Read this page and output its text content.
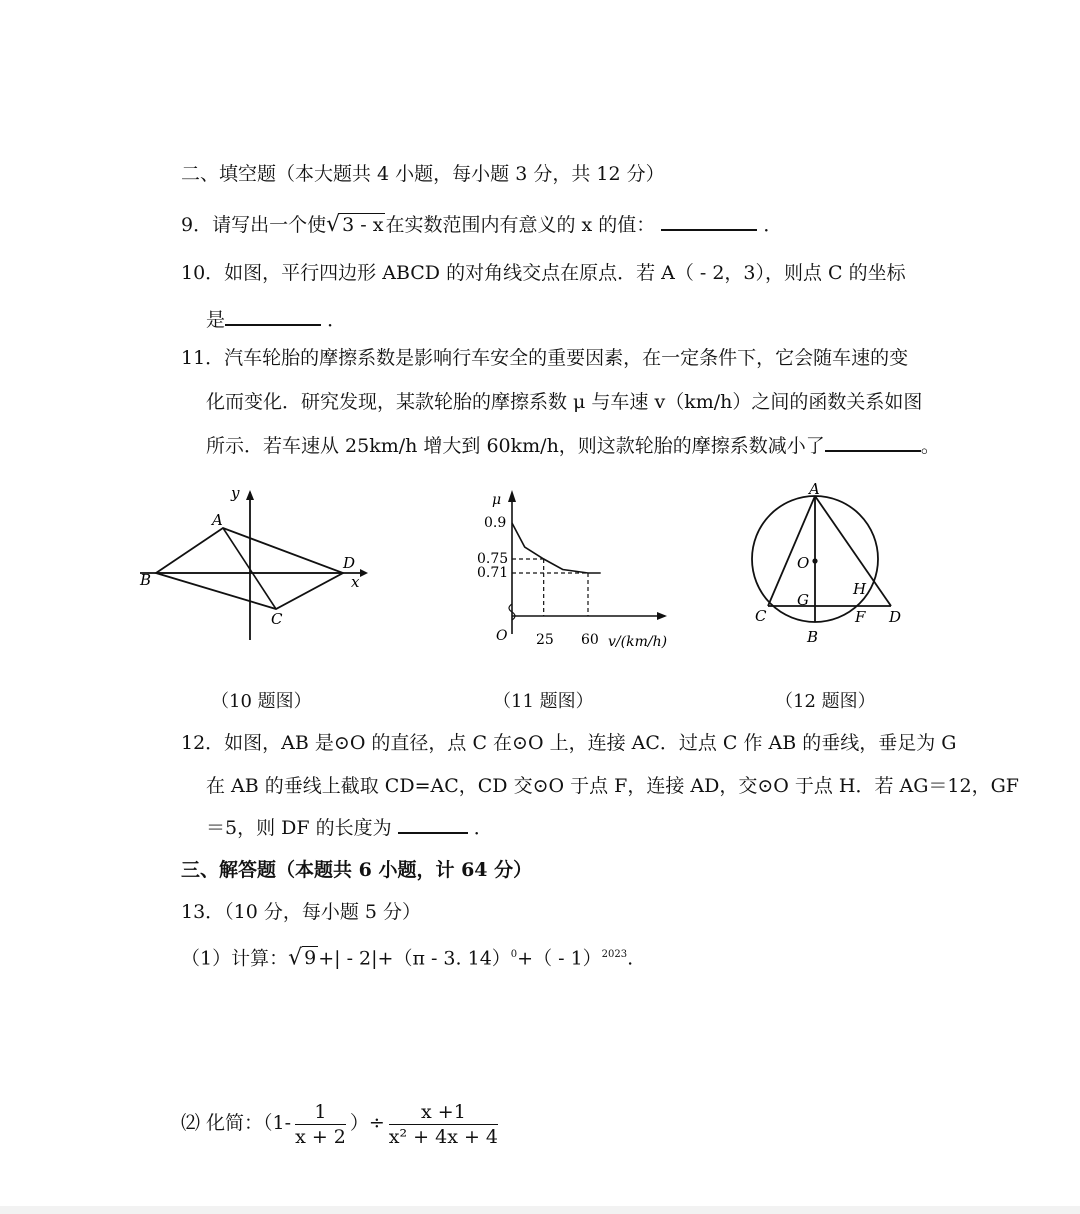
二、填空题（本大题共 4 小题，每小题 3 分，共 12 分）
9．请写出一个使√ 3 - x 在实数范围内有意义的 x 的值：	．
10．如图，平行四边形 ABCD 的对角线交点在原点．若 A（ - 2，3），则点 C 的坐标
是	．
11．汽车轮胎的摩擦系数是影响行车安全的重要因素，在一定条件下，它会随车速的变
化而变化．研究发现，某款轮胎的摩擦系数 μ 与车速 v（km/h）之间的函数关系如图
所示．若车速从 25km/h 增大到 60km/h，则这款轮胎的摩擦系数减小了	。
y
x
A
B
C
D
μ
0.9
0.75
0.71
O 25 60 v/(km/h)
A
O
H
G
C
B
F D
（10 题图）	（11 题图）	（12 题图）
12．如图，AB 是⊙O 的直径，点 C 在⊙O 上，连接 AC．过点 C 作 AB 的垂线，垂足为 G
在 AB 的垂线上截取 CD=AC，CD 交⊙O 于点 F，连接 AD，交⊙O 于点 H．若 AG＝12，GF
＝5，则 DF 的长度为	．
三、解答题（本题共 6 小题，计 64 分）
13．（10 分，每小题 5 分）
（1）计算：√ 9 +| - 2|+（π - 3. 14）$^0$+（ - 1）$^{2023}$.
⑵ 化简：（$1- \frac{1}{x + 2}$ ）÷ $\frac{x +1}{\text{x² + 4x + 4}}$
